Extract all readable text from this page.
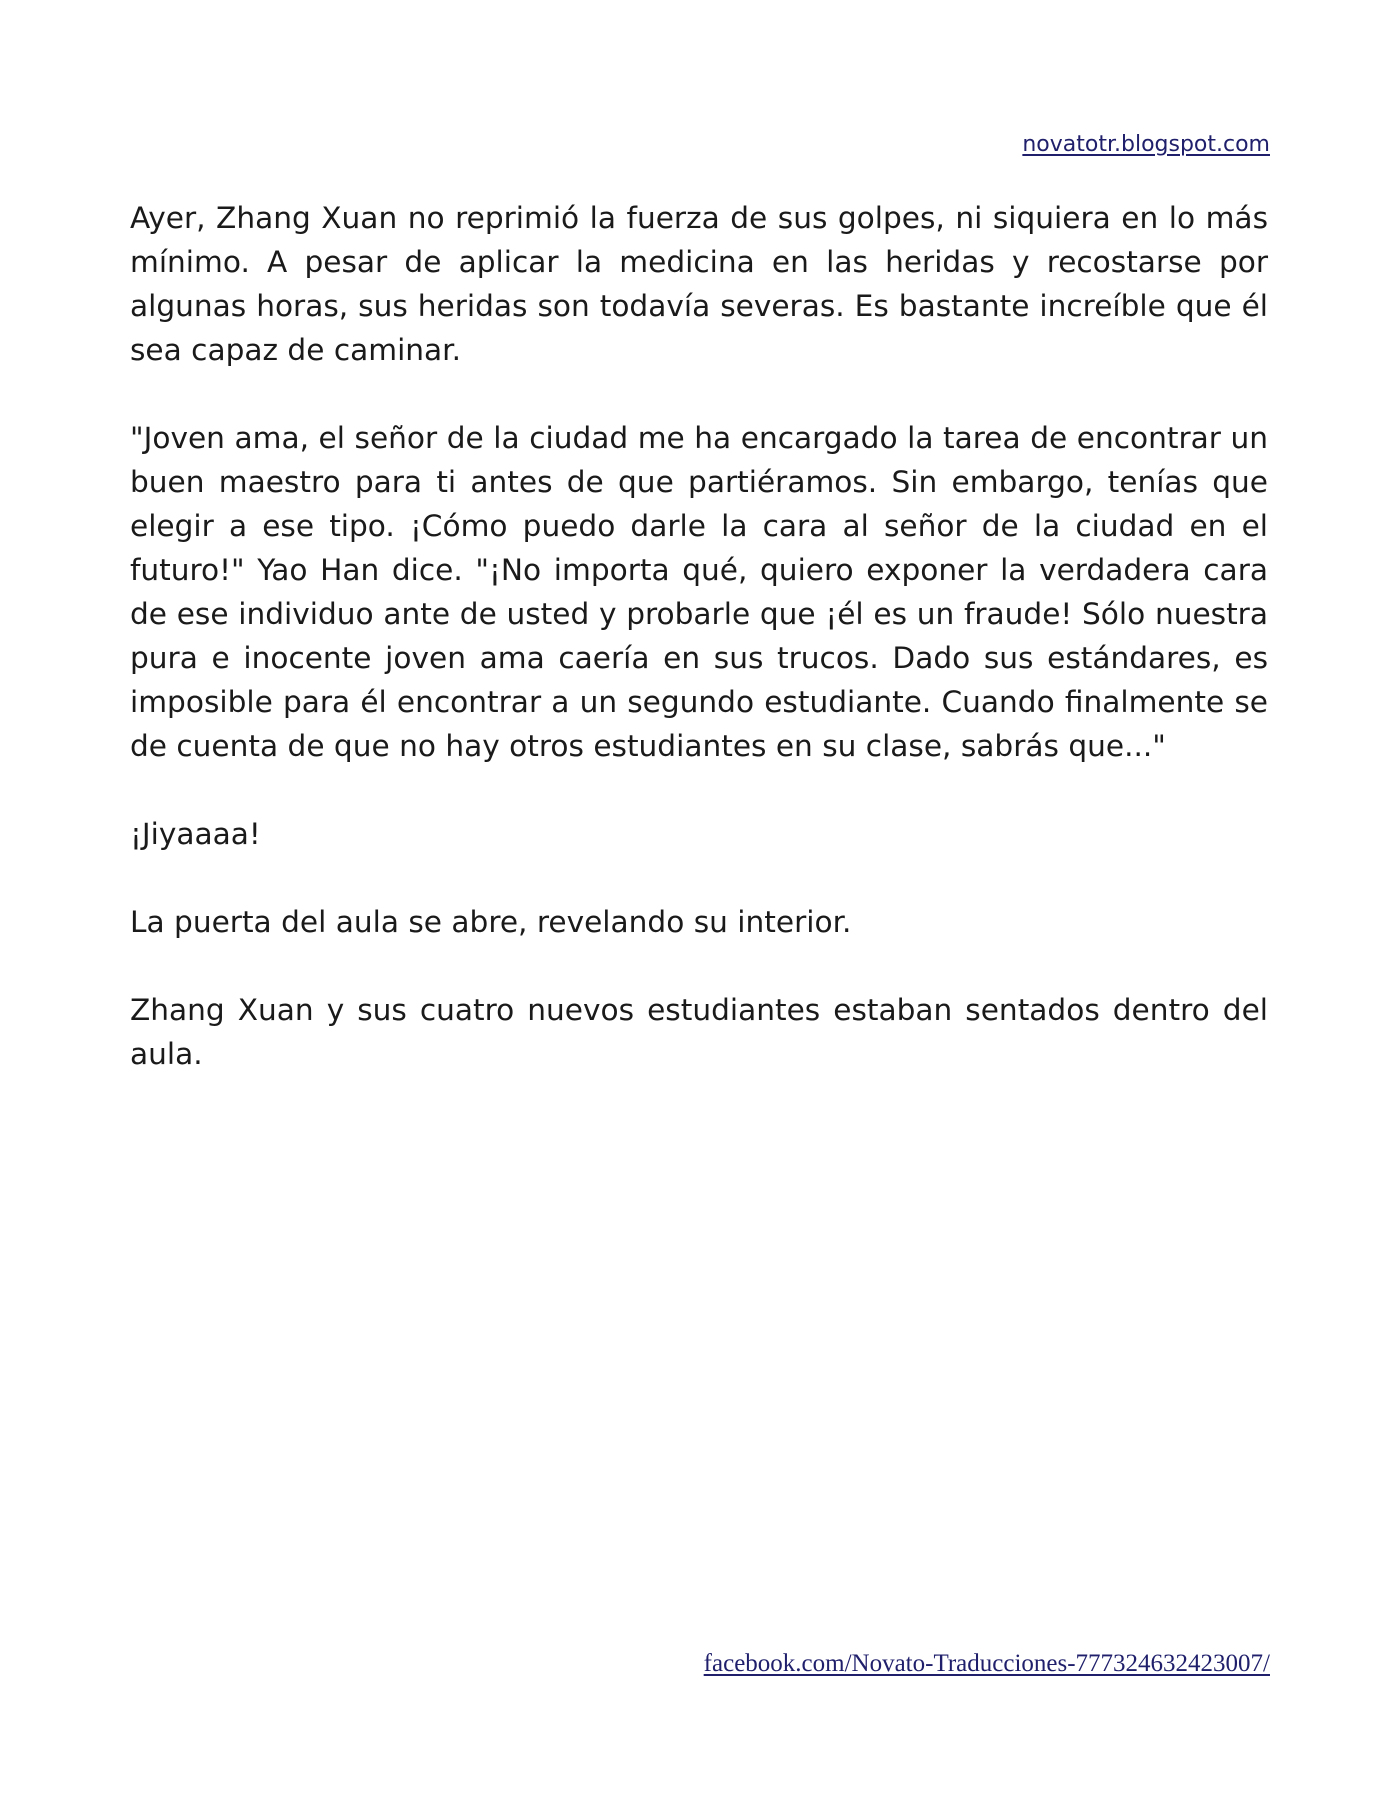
novatotr.blogspot.com

Ayer, Zhang Xuan no reprimió la fuerza de sus golpes, ni siquiera en lo más mínimo. A pesar de aplicar la medicina en las heridas y recostarse por algunas horas, sus heridas son todavía severas. Es bastante increíble que él sea capaz de caminar.

"Joven ama, el señor de la ciudad me ha encargado la tarea de encontrar un buen maestro para ti antes de que partiéramos. Sin embargo, tenías que elegir a ese tipo. ¡Cómo puedo darle la cara al señor de la ciudad en el futuro!" Yao Han dice. "¡No importa qué, quiero exponer la verdadera cara de ese individuo ante de usted y probarle que ¡él es un fraude! Sólo nuestra pura e inocente joven ama caería en sus trucos. Dado sus estándares, es imposible para él encontrar a un segundo estudiante. Cuando finalmente se de cuenta de que no hay otros estudiantes en su clase, sabrás que..."

¡Jiyaaaa!

La puerta del aula se abre, revelando su interior.

Zhang Xuan y sus cuatro nuevos estudiantes estaban sentados dentro del aula.

facebook.com/Novato-Traducciones-777324632423007/
